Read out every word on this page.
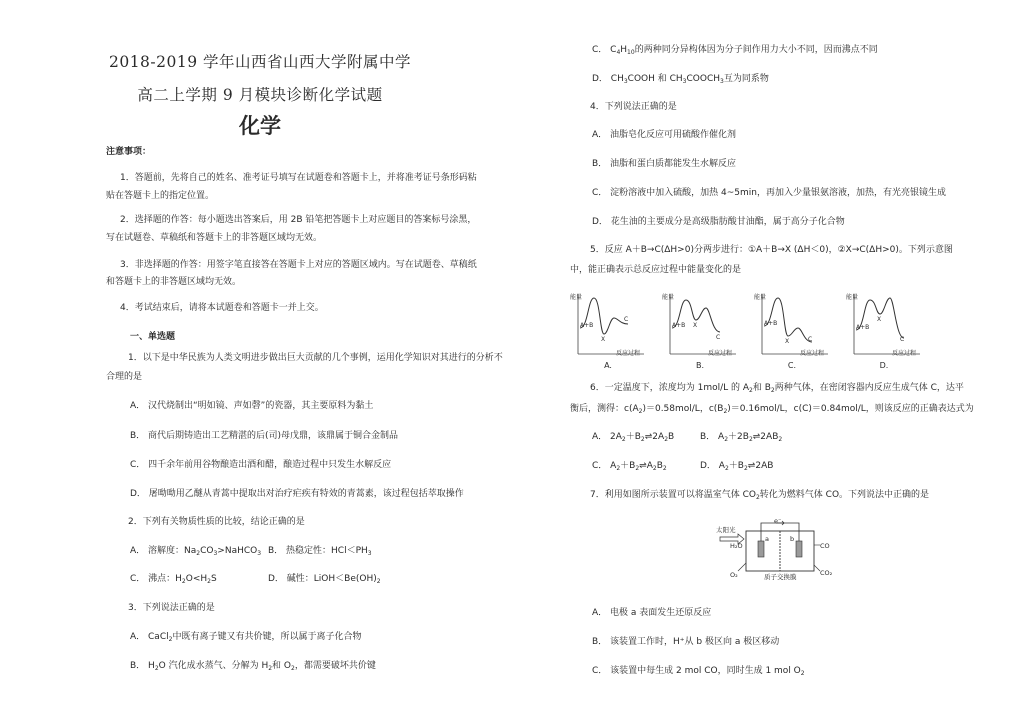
2018-2019 学年山西省山西大学附属中学
高二上学期 9 月模块诊断化学试题
化学
注意事项：
1．答题前，先将自己的姓名、准考证号填写在试题卷和答题卡上，并将准考证号条形码粘
贴在答题卡上的指定位置。
2．选择题的作答：每小题选出答案后，用 2B 铅笔把答题卡上对应题目的答案标号涂黑，
写在试题卷、草稿纸和答题卡上的非答题区域均无效。
3．非选择题的作答：用签字笔直接答在答题卡上对应的答题区域内。写在试题卷、草稿纸
和答题卡上的非答题区域均无效。
4．考试结束后，请将本试题卷和答题卡一并上交。
一、单选题
1．以下是中华民族为人类文明进步做出巨大贡献的几个事例，运用化学知识对其进行的分析不
合理的是
A． 汉代烧制出“明如镜、声如磬”的瓷器，其主要原料为黏土
B． 商代后期铸造出工艺精湛的后(司)母戊鼎，该鼎属于铜合金制品
C． 四千余年前用谷物酿造出酒和醋，酿造过程中只发生水解反应
D． 屠呦呦用乙醚从青蒿中提取出对治疗疟疾有特效的青蒿素，该过程包括萃取操作
2．下列有关物质性质的比较，结论正确的是
A． 溶解度：$Na_2CO_3>NaHCO_3$ B． 热稳定性：$HCl<PH_3$
C． 沸点：$H_2O<H_2S$	D． 碱性：$LiOH<Be(OH)_2$
3．下列说法正确的是
A． CaCl$_2$中既有离子键又有共价键，所以属于离子化合物
B． $H_2O$ 汽化成水蒸气、分解为 $H_2$和 $O_2$，都需要破坏共价键
C． $C_4H_{10}$的两种同分异构体因为分子间作用力大小不同，因而沸点不同
D． $CH_3COOH$ 和 $CH_3COOCH_3$互为同系物
4．下列说法正确的是
A． 油脂皂化反应可用硫酸作催化剂
B． 油脂和蛋白质都能发生水解反应
C． 淀粉溶液中加入硫酸，加热 4~5min，再加入少量银氨溶液，加热，有光亮银镜生成
D． 花生油的主要成分是高级脂肪酸甘油酯，属于高分子化合物
5．反应 A＋B→C(ΔH>0)分两步进行：①A＋B→X (ΔH＜0)，②X→C(ΔH>0)。下列示意图
中，能正确表示总反应过程中能量变化的是
能量
A+B
X
C
反应过程
A.
能量
A+B X
C
反应过程
B.
能量
A+B
X	C
反应过程
C.
能量
A+B
X
C
反应过程
D.
6．一定温度下，浓度均为 1mol/L 的 $A_2$和 $B_2$两种气体，在密闭容器内反应生成气体 C，达平
衡后，测得：$c(A_2)=0.58mol/L$，$c(B_2)=0.16mol/L$，c(C)＝0.84mol/L，则该反应的正确表达式为
A． $2A_2+B_2\rightleftharpoons 2A_2B$	B． $A_2+2B_2\rightleftharpoons 2AB_2$
C． $A_2+B_2\rightleftharpoons A_2B_2$	D． $A_2+B_2\rightleftharpoons 2AB$
7．利用如图所示装置可以将温室气体 $CO_2$转化为燃料气体 CO。下列说法中正确的是
太阳光
e⁻
H₂O
O₂
CO
CO₂
a	b
质子交换膜
A． 电极 a 表面发生还原反应
B． 该装置工作时，H⁺从 b 极区向 a 极区移动
C． 该装置中每生成 2 mol CO，同时生成 1 mol $O_2$
